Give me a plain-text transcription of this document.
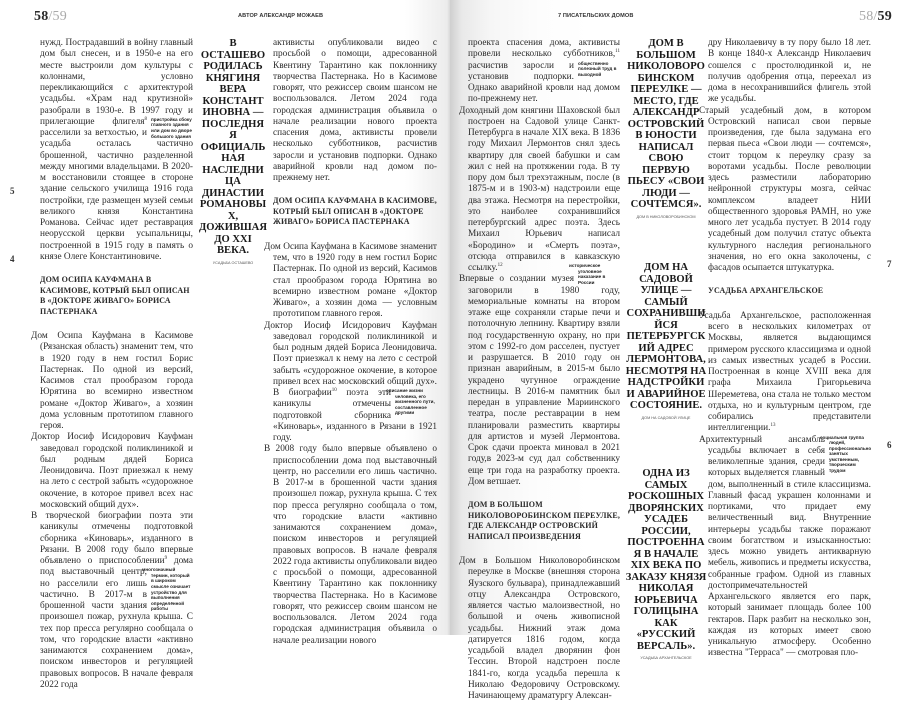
58/59	АВТОР АЛЕКСАНДР МОЖАЕВ
5
4

нужд. Пострадавший в войну главный дом был снесен, и в 1950-е на его месте выстроили дом культуры с колоннами, условно перекликающийся с архитектурой усадьбы. «Храм над крутизной» разобрали в 1930-е. В 1997 году и прилегающие флигеля$^8$ пристройка сбоку главного здания или дом во дворе большого здания
расселили за ветхостью, и усадьба осталась частично брошенной, частично разделенной между многими владельцами. В 2020-м восстановили стоящее в стороне здание сельского училища 1916 года постройки, где размещен музей семьи великого князя Константина Романова. Сейчас идет реставрация неорусской церкви усыпальницы, построенной в 1915 году в память о князе Олеге Константиновиче.

ДОМ ОСИПА КАУФМАНА В КАСИМОВЕ, КОТРЫЙ БЫЛ ОПИСАН В «ДОКТОРЕ ЖИВАГО» БОРИСА ПАСТЕРНАКА

Дом Осипа Кауфмана в Касимове (Рязанская область) знаменит тем, что в 1920 году в нем гостил Борис Пастернак. По одной из версий, Касимов стал прообразом города Юрятина во всемирно известном романе «Доктор Живаго», а хозяин дома условным прототипом главного героя.

Доктор Иосиф Исидорович Кауфман заведовал городской поликлиникой и был родным дядей Бориса Леонидовича. Поэт приезжал к нему на лето с сестрой забыть «судорожное окочение, в которое привел всех нас московский общий дух».

В творческой биографии поэта эти каникулы отмечены подготовкой сборника «Киноварь», изданного в Рязани. В 2008 году было впервые объявлено о приспособлении$^9$
многозначный термин, который в широком смысле означает устройство для выполнения определённой работы
дома под выставочный центр, но расселили его лишь частично. В 2017-м в брошенной части здания произошел пожар, рухнула крыша. С тех пор пресса регулярно сообщала о том, что городские власти «активно занимаются сохранением дома», поиском инвесторов и регуляцией правовых вопросов. В начале февраля 2022 года

В ОСТАШЕВО РОДИЛАСЬ КНЯГИНЯ ВЕРА КОНСТАНТИНОВНА — ПОСЛЕДНЯЯ ОФИЦИАЛЬНАЯ НАСЛЕДНИЦА ДИНАСТИИ РОМАНОВЫХ, ДОЖИВШАЯ ДО XXI ВЕКА.
УСАДЬБА ОСТАШЕВО

активисты опубликовали видео с просьбой о помощи, адресованной Квентину Тарантино как поклоннику творчества Пастернака. Но в Касимове говорят, что режиссер своим шансом не воспользовался. Летом 2024 года городская администрация объявила о начале реализации нового проекта спасения дома, активисты провели несколько субботников, расчистив заросли и установив подпорки. Однако аварийной кровли над домом по-прежнему нет.

ДОМ ОСИПА КАУФМАНА В КАСИМОВЕ, КОТРЫЙ БЫЛ ОПИСАН В «ДОКТОРЕ ЖИВАГО» БОРИСА ПАСТЕРНАКА

Дом Осипа Кауфмана в Касимове знаменит тем, что в 1920 году в нем гостил Борис Пастернак. По одной из версий, Касимов стал прообразом города Юрятина во всемирно известном романе «Доктор Живаго», а хозяин дома — условным прототипом главного героя.

Доктор Иосиф Исидорович Кауфман заведовал городской поликлиникой и был родным дядей Бориса Леонидовича. Поэт приезжал к нему на лето с сестрой забыть «судорожное окочение, в которое привел всех нас московский общий дух». В биографии$^{10}$	описание жизни человека, его жизненного пути, составленное другими
поэта эти каникулы отмечены подготовкой сборника «Киноварь», изданного в Рязани в 1921 году.

В 2008 году было впервые объявлено о приспособлении дома под выставочный центр, но расселили его лишь частично. В 2017-м в брошенной части здания произошел пожар, рухнула крыша. С тех пор пресса регулярно сообщала о том, что городские власти «активно занимаются сохранением дома», поиском инвесторов и регуляцией правовых вопросов. В начале февраля 2022 года активисты опубликовали видео с просьбой о помощи, адресованной Квентину Тарантино как поклоннику творчества Пастернака. Но в Касимове говорят, что режиссер своим шансом не воспользовался. Летом 2024 года городская администрация объявила о начале реализации нового

7 ПИСАТЕЛЬСКИХ ДОМОВ	58/59
7
6

проекта спасения дома, активисты провели несколько субботников,$^{11}$
общественно полезный труд в выходной
расчистив заросли и установив подпорки. Однако аварийной кровли над домом по-прежнему нет.

Доходный дом княгини Шаховской был построен на Садовой улице Санкт-Петербурга в начале XIX века. В 1836 году Михаил Лермонтов снял здесь квартиру для своей бабушки и сам жил с ней на протяжении года. В ту пору дом был трехэтажным, после (в 1875-м и в 1903-м) надстроили еще два этажа. Несмотря на перестройки, это наиболее сохранившийся петербургский адрес поэта. Здесь Михаил Юрьевич написал «Бородино» и «Смерть поэта», отсюда отправился в кавказскую ссылку.$^{12}$	историческое уголовное наказание в России

Впервые о создании музея заговорили в 1980 году, мемориальные комнаты на втором этаже еще сохраняли старые печи и потолочную лепнину. Квартиру взяли под государственную охрану, но при этом с 1992-го дом расселен, пустует и разрушается. В 2010 году он признан аварийным, в 2015-м было украдено чугунное ограждение лестницы. В 2016-м памятник был передан в управление Мариинского театра, после реставрации в нем планировали разместить квартиры для артистов и музей Лермонтова. Срок сдачи проекта миновал в 2021 году,в 2023-м суд дал собственнику еще три года на разработку проекта. Дом ветшает.

ДОМ В БОЛЬШОМ НИКОЛОВОРОБИНСКОМ ПЕРЕУЛКЕ, ГДЕ АЛЕКСАНДР ОСТРОВСКИЙ НАПИСАЛ ПРОИЗВЕДЕНИЯ

Дом в Большом Николоворобинском переулке в Москве (внешняя сторона Яузского бульвара), принадлежавший отцу Александра Островского, является частью малоизвестной, но большой и очень живописной усадьбы. Нижний этаж дома датируется 1816 годом, когда усадьбой владел дворянин фон Тессин. Второй надстроен после 1841-го, когда усадьба перешла к Николаю Федоровичу Островскому. Начинающему драматургу Алексан-

ДОМ В БОЛЬШОМ НИКОЛОВОРОБИНСКОМ ПЕРЕУЛКЕ — МЕСТО, ГДЕ АЛЕКСАНДР ОСТРОВСКИЙ В ЮНОСТИ НАПИСАЛ СВОЮ ПЕРВУЮ ПЬЕСУ «СВОИ ЛЮДИ — СОЧТЕМСЯ».
ДОМ В НИКОЛОВОРОБИНСКОМ
ДОМ НА САДОВОЙ УЛИЦЕ — САМЫЙ СОХРАНИВШИЙСЯ ПЕТЕРБУРГСКИЙ АДРЕС ЛЕРМОНТОВА, НЕСМОТРЯ НА НАДСТРОЙКИ И АВАРИЙНОЕ СОСТОЯНИЕ.
ДОМ НА САДОВОЙ УЛИЦЕ
ОДНА ИЗ САМЫХ РОСКОШНЫХ ДВОРЯНСКИХ УСАДЕБ РОССИИ, ПОСТРОЕННАЯ В НАЧАЛЕ XIX ВЕКА ПО ЗАКАЗУ КНЯЗЯ НИКОЛАЯ ЮРЬЕВИЧА ГОЛИЦЫНА КАК «РУССКИЙ ВЕРСАЛЬ».
УСАДЬБА АРХАНГЕЛЬСКОЕ

дру Николаевичу в ту пору было 18 лет. В конце 1840-х Александр Николаевич сошелся с простолюдинкой и, не получив одобрения отца, переехал из дома в несохранившийся флигель этой же усадьбы.

Старый усадебный дом, в котором Островский написал свои первые произведения, где была задумана его первая пьеса «Свои люди — сочтемся», стоит торцом к переулку сразу за воротами усадьбы. После революции здесь разместили лабораторию нейронной структуры мозга, сейчас комплексом владеет НИИ общественного здоровья РАМН, но уже много лет усадьба пустует. В 2014 году усадебный дом получил статус объекта культурного наследия регионального значения, но его окна заколочены, с фасадов осыпается штукатурка.

УСАДЬБА АРХАНГЕЛЬСКОЕ

Усадьба Архангельское, расположенная всего в нескольких километрах от Москвы, является выдающимся примером русского классицизма и одной из самых известных усадеб в России. Построенная в конце XVIII века для графа Михаила Григорьевича Шереметева, она стала не только местом отдыха, но и культурным центром, где собирались представители интеллигенции.$^{13}$

социальная группа людей, профессионально занятых умственным, творческим трудом
Архитектурный ансамбль усадьбы включает в себя великолепные здания, среди которых выделяется главный дом, выполненный в стиле классицизма. Главный фасад украшен колоннами и портиками, что придает ему величественный вид. Внутренние интерьеры усадьбы также поражают своим богатством и изысканностью: здесь можно увидеть антикварную мебель, живопись и предметы искусства, собранные графом. Одной из главных достопримечательностей Архангельского является его парк, который занимает площадь более 100 гектаров. Парк разбит на несколько зон, каждая из которых имеет свою уникальную атмосферу. Особенно известна "Терраса" — смотровая пло-
